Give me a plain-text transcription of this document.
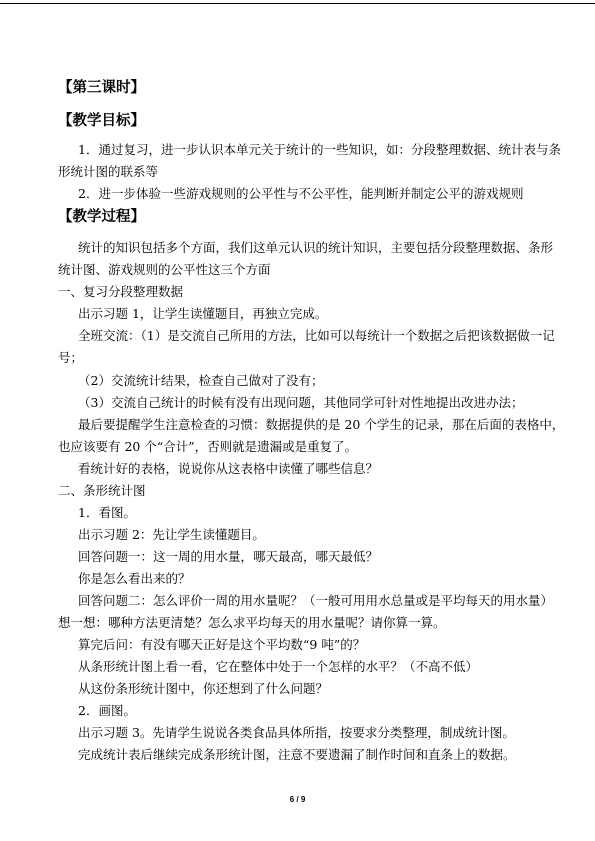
【第三课时】
【教学目标】
1．通过复习，进一步认识本单元关于统计的一些知识，如：分段整理数据、统计表与条
形统计图的联系等
2．进一步体验一些游戏规则的公平性与不公平性，能判断并制定公平的游戏规则
【教学过程】
统计的知识包括多个方面，我们这单元认识的统计知识，主要包括分段整理数据、条形
统计图、游戏规则的公平性这三个方面
一、复习分段整理数据
出示习题 1，让学生读懂题目，再独立完成。
全班交流：（1）是交流自己所用的方法，比如可以每统计一个数据之后把该数据做一记
号；
（2）交流统计结果，检查自己做对了没有；
（3）交流自己统计的时候有没有出现问题，其他同学可针对性地提出改进办法；
最后要提醒学生注意检查的习惯：数据提供的是 20 个学生的记录，那在后面的表格中，
也应该要有 20 个“合计”，否则就是遗漏或是重复了。
看统计好的表格，说说你从这表格中读懂了哪些信息？
二、条形统计图
1．看图。
出示习题 2：先让学生读懂题目。
回答问题一：这一周的用水量，哪天最高，哪天最低？
你是怎么看出来的？
回答问题二：怎么评价一周的用水量呢？（一般可用用水总量或是平均每天的用水量）
想一想：哪种方法更清楚？怎么求平均每天的用水量呢？请你算一算。
算完后问：有没有哪天正好是这个平均数“9 吨”的？
从条形统计图上看一看，它在整体中处于一个怎样的水平？（不高不低）
从这份条形统计图中，你还想到了什么问题？
2．画图。
出示习题 3。先请学生说说各类食品具体所指，按要求分类整理，制成统计图。
完成统计表后继续完成条形统计图，注意不要遗漏了制作时间和直条上的数据。
6 / 9
